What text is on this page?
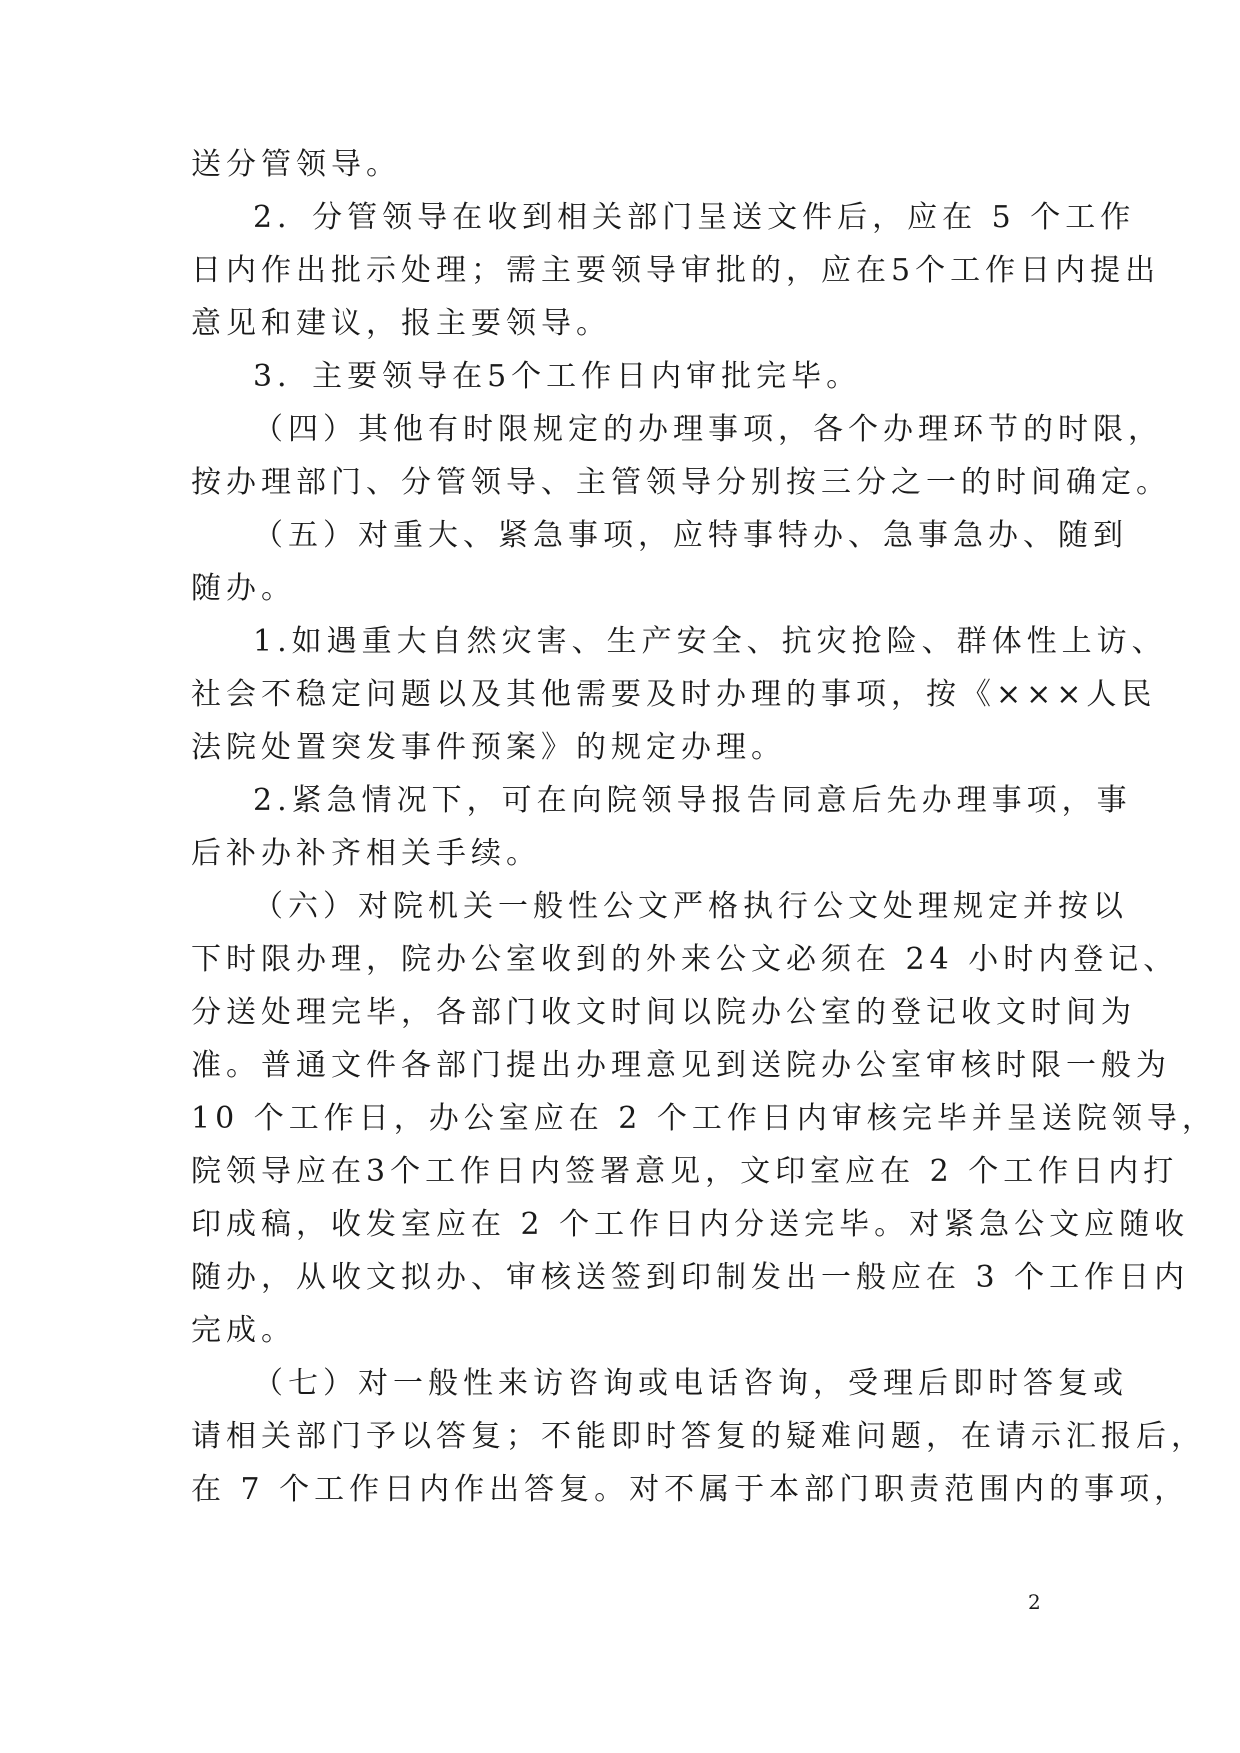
送分管领导。
2．分管领导在收到相关部门呈送文件后，应在 5 个工作
日内作出批示处理；需主要领导审批的，应在5个工作日内提出
意见和建议，报主要领导。
3．主要领导在5个工作日内审批完毕。
（四）其他有时限规定的办理事项，各个办理环节的时限，
按办理部门、分管领导、主管领导分别按三分之一的时间确定。
（五）对重大、紧急事项，应特事特办、急事急办、随到
随办。
1.如遇重大自然灾害、生产安全、抗灾抢险、群体性上访、
社会不稳定问题以及其他需要及时办理的事项，按《×××人民
法院处置突发事件预案》的规定办理。
2.紧急情况下，可在向院领导报告同意后先办理事项，事
后补办补齐相关手续。
（六）对院机关一般性公文严格执行公文处理规定并按以
下时限办理，院办公室收到的外来公文必须在 24 小时内登记、
分送处理完毕，各部门收文时间以院办公室的登记收文时间为
准。普通文件各部门提出办理意见到送院办公室审核时限一般为
10 个工作日，办公室应在 2 个工作日内审核完毕并呈送院领导，
院领导应在3个工作日内签署意见，文印室应在 2 个工作日内打
印成稿，收发室应在 2 个工作日内分送完毕。对紧急公文应随收
随办，从收文拟办、审核送签到印制发出一般应在 3 个工作日内
完成。
（七）对一般性来访咨询或电话咨询，受理后即时答复或
请相关部门予以答复；不能即时答复的疑难问题，在请示汇报后，
在 7 个工作日内作出答复。对不属于本部门职责范围内的事项，
2
